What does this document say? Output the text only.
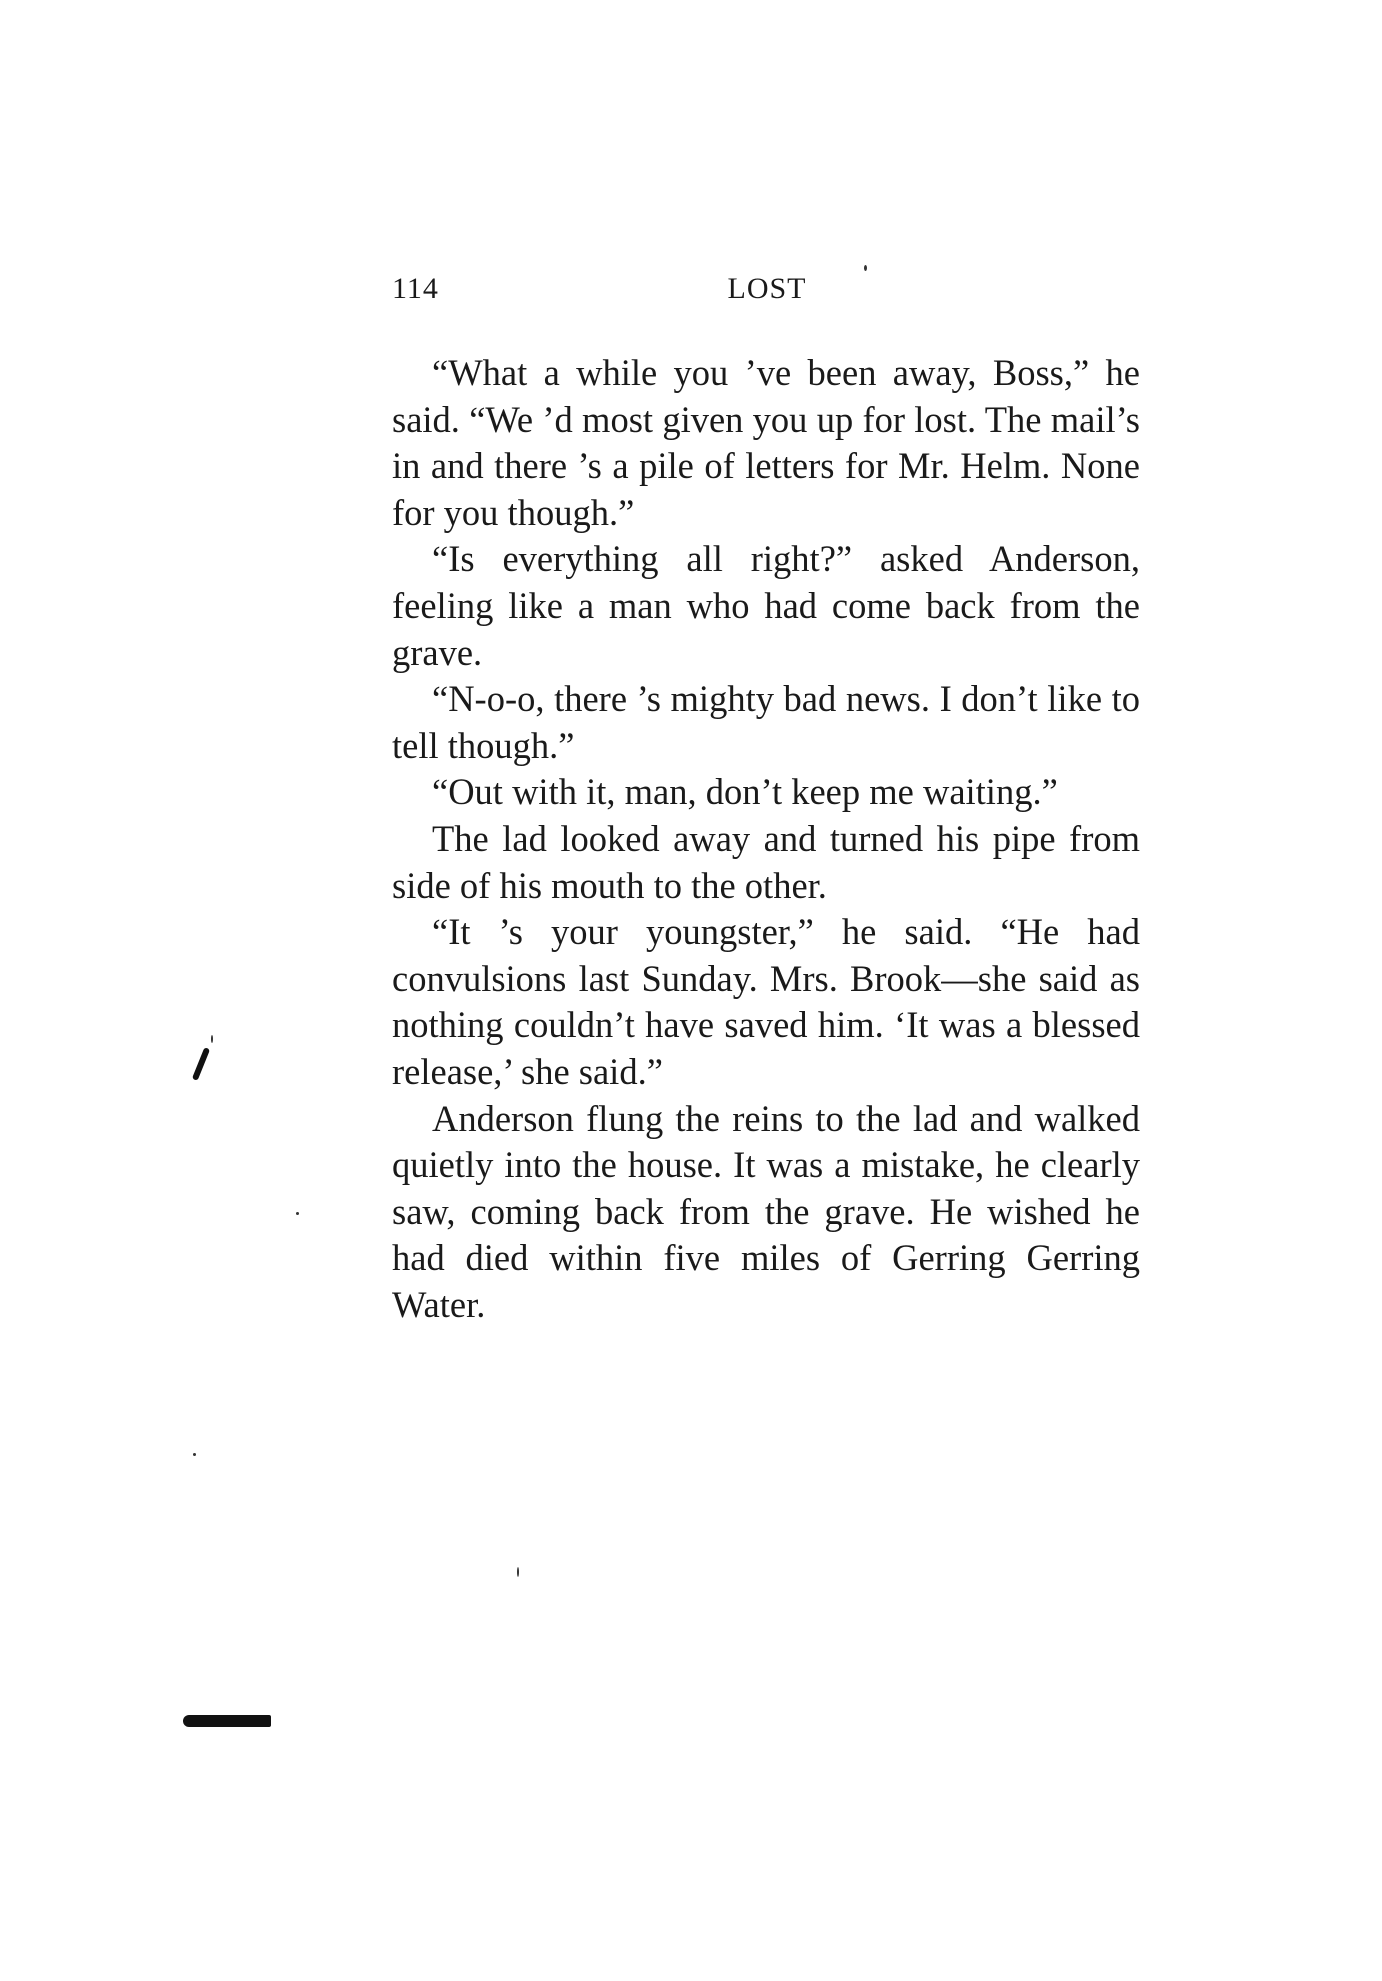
114	LOST

“What a while you ’ve been away, Boss,” he said. “We ’d most given you up for lost. The mail’s in and there ’s a pile of letters for Mr. Helm. None for you though.”

“Is everything all right?” asked Anderson, feeling like a man who had come back from the grave.

“N-o-o, there ’s mighty bad news. I don’t like to tell though.”

“Out with it, man, don’t keep me waiting.”

The lad looked away and turned his pipe from side of his mouth to the other.

“It ’s your youngster,” he said. “He had convulsions last Sunday. Mrs. Brook—she said as nothing couldn’t have saved him. ‘It was a blessed release,’ she said.”

Anderson flung the reins to the lad and walked quietly into the house. It was a mistake, he clearly saw, coming back from the grave. He wished he had died within five miles of Gerring Gerring Water.
